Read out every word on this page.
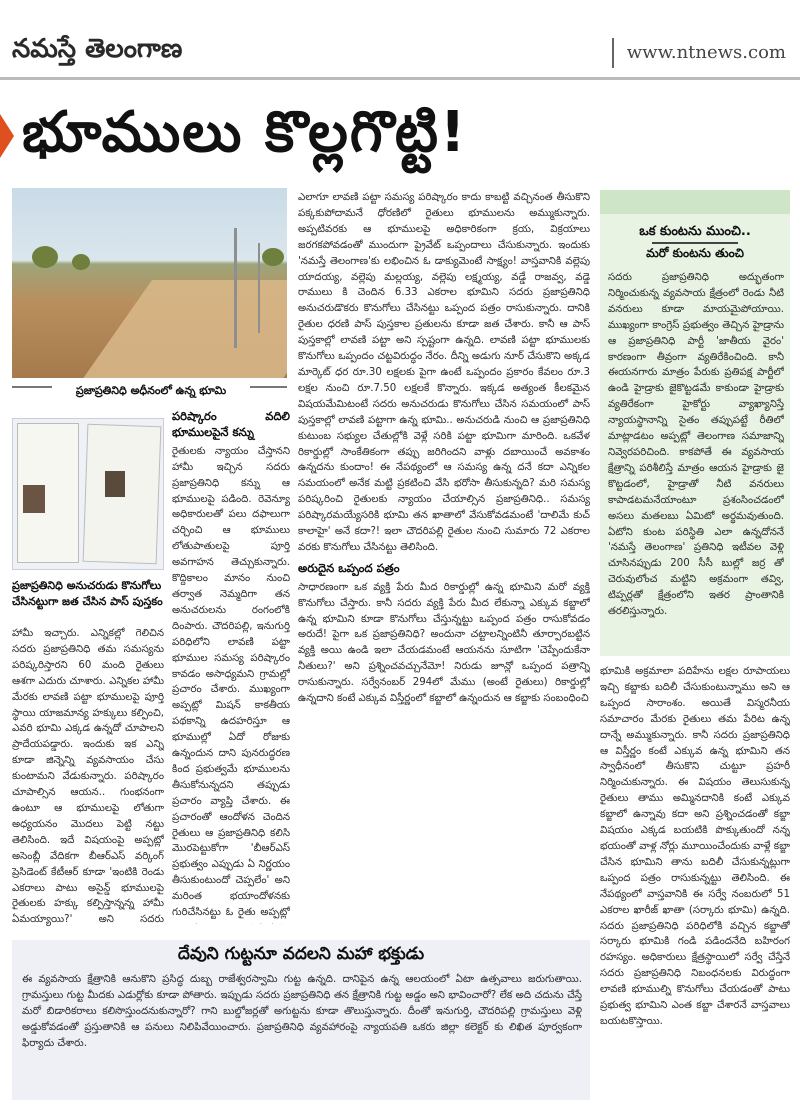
నమస్తే తెలంగాణ	www.ntnews.com
భూములు కొల్లగొట్టి!
ప్రజాప్రతినిధి అధీనంలో ఉన్న భూమి
ప్రజాప్రతినిధి అనుచరుడు కొనుగోలు చేసినట్టుగా జత చేసిన పాస్ పుస్తకం

హామీ ఇచ్చారు. ఎన్నికల్లో గెలిచిన సదరు ప్రజాప్రతినిధి తమ సమస్యను పరిష్కరిస్తారని 60 మంది రైతులు ఆశగా ఎదురు చూశారు. ఎన్నికల హామీ మేరకు లావణి పట్టా భూములపై పూర్తి స్థాయి యాజమాన్య హక్కులు కల్పించి, ఎవరి భూమి ఎక్కడ ఉన్నదో చూపాలని ప్రాదేయపడ్డారు. ఇందుకు ఇక ఎన్ని కూడా జిన్నెన్ని వ్యవసాయం చేసు కుంటామని వేడుకున్నారు. పరిష్కారం చూపాల్సిన ఆయన.. గుంభనంగా ఉంటూ ఆ భూములపై లోతుగా అధ్యయనం మొదలు పెట్టి నట్టు తెలిసింది. ఇదే విషయంపై అప్పట్లో అసెంబ్లీ వేదికగా బీఆర్ఎస్ వర్కింగ్ ప్రెసిడెంట్ కేటీఆర్ కూడా 'ఇంటికి రెండు ఎకరాలు పాటు అసైన్డ్ భూములపై రైతులకు హక్కు కల్పిస్తాన్నన్న హామీ ఏమయ్యాయి?' అని సదరు

పరిష్కారం వదిలి భూములపైనే కన్ను

రైతులకు న్యాయం చేస్తానని హామీ ఇచ్చిన సదరు ప్రజాప్రతినిధి కన్ను ఆ భూములపై పడింది. రెవెన్యూ అధికారులతో పలు దఫాలుగా చర్చించి ఆ భూములు లోతుపాతులపై పూర్తి అవగాహన తెచ్చుకున్నారు. కొద్దికాలం మానం నుంచి తర్వాత నెమ్మదిగా తన అనుచరులను రంగంలోకి దింపారు. చౌదరిపల్లి, ఇనుగుర్తి పరిధిలోని లావణి పట్టా భూముల సమస్య పరిష్కారం కావడం అసాధ్యమని గ్రామల్లో ప్రచారం చేశారు. ముఖ్యంగా అప్పట్లో మిషన్ కాకతీయ పథకాన్ని ఉదహరిస్తూ ఆ భూముల్లో ఏదో రోజుకు ఉన్నందున దాని పునరుద్ధరణ కింద ప్రభుత్వమే భూములను తీసుకోనున్నదని తప్పుడు ప్రచారం వ్యాప్తి చేశారు. ఈ ప్రచారంతో ఆందోళన చెందిన రైతులు ఆ ప్రజాప్రతినిధి కలిసి మొరపెట్టుకోగా 'బీఆర్ఎస్ ప్రభుత్వం ఎప్పుడు ఏ నిర్ణయం తీసుకుంటుందో చెప్పలేం' అని మరింత భయాందోళనకు గురిచేసినట్టు ఓ రైతు అప్పట్లో

ఎలాగూ లావణి పట్టా సమస్య పరిష్కారం కాదు కాబట్టి వచ్చినంత తీసుకొని పక్కకుపోదామనే ధోరణిలో రైతులు భూములను అమ్ముకున్నారు. అప్పటివరకు ఆ భూములపై అధికారికంగా క్రయ, విక్రయాలు జరగకపోవడంతో ముందుగా ప్రైవేట్ ఒప్పందాలు చేసుకున్నారు. ఇందుకు 'నమస్తే తెలంగాణ'కు లభించిన ఓ డాక్యుమెంటే సాక్ష్యం! వాస్తవానికి వల్లెపు యాదయ్య, వల్లెపు మల్లయ్య, వల్లెపు లక్ష్మయ్య, వడ్డే రాజవ్వ, వడ్డె రాములు కి చెందిన 6.33 ఎకరాల భూమిని సదరు ప్రజాప్రతినిధి అనుచరుడొకరు కొనుగోలు చేసినట్టు ఒప్పంద పత్రం రాసుకున్నారు. దానికి రైతుల ధరణి పాస్ పుస్తకాల ప్రతులను కూడా జత చేశారు. కానీ ఆ పాస్ పుస్తకాల్లో లావణి పట్టా అని స్పష్టంగా ఉన్నది. లావణి పట్టా భూములకు కొనుగోలు ఒప్పందం చట్టవిరుద్ధం నేరం. దీన్ని అడుగు నూర్ చేసుకొని అక్కడ మార్కెట్ ధర రూ.30 లక్షలకు పైగా ఉంటే ఒప్పందం ప్రకారం కేవలం రూ.3 లక్షల నుంచి రూ.7.50 లక్షలకే కొన్నారు. ఇక్కడ అత్యంత కీలకమైన విషయమేమిటంటే సదరు అనుచరుడు కొనుగోలు చేసిన సమయంలో పాస్ పుస్తకాల్లో లావణి పట్టాగా ఉన్న భూమి.. అనుచరుడి నుంచి ఆ ప్రజాప్రతినిధి కుటుంబ సభ్యుల చేతుల్లోకి వెళ్లే సరికి పట్టా భూమిగా మారింది. ఒకవేళ రికార్డుల్లో సాంకేతికంగా తప్పు జరిగిందని వాళ్లు దబాయించే అవకాశం ఉన్నదను కుందాం! ఈ నేపథ్యంలో ఆ సమస్య ఉన్న దనే కదా ఎన్నికల సమయంలో అనేక మట్టి ప్రకటించి వేసి భరోసా తీసుకున్నది? మరి సమస్య పరిష్కరించి రైతులకు న్యాయం చేయాల్సిన ప్రజాప్రతినిధి.. సమస్య పరిష్కారమయ్యేసరికి భూమి తన ఖాతాలో వేసుకోవడమంటే 'దాలిమే కుచ్ కాలాహై' అనే కదా?! ఇలా చౌదరిపల్లి రైతుల నుంచి సుమారు 72 ఎకరాల వరకు కొనుగోలు చేసినట్టు తెలిసింది.

అరుదైన ఒప్పంద పత్రం

సాధారణంగా ఒక వ్యక్తి పేరు మీద రికార్డుల్లో ఉన్న భూమిని మరో వ్యక్తి కొనుగోలు చేస్తారు. కానీ సదరు వ్యక్తి పేరు మీద లేకున్నా ఎక్కువ కబ్జాలో ఉన్న భూమిని కూడా కొనుగోలు చేస్తున్నట్టు ఒప్పంద పత్రం రాసుకోవడం అరుదే! పైగా ఒక ప్రజాప్రతినిధి? అందునా చట్టాలన్నింటినీ తూర్పారబట్టిన వ్యక్తి అయి ఉండి ఇలా చేయడమంటే ఆయనను సూటిగా 'చెప్పేందుకేనా నీతులు?' అని ప్రశ్నించవచ్చునేమో! నిరుడు జూన్లో ఒప్పంద పత్రాన్ని రాసుకున్నారు. సర్వేనంబర్ 294లో మేము (అంటే రైతులు) రికార్డుల్లో ఉన్నదాని కంటే ఎక్కువ విస్తీర్ణంలో కబ్జాలో ఉన్నందున ఆ కబ్జాకు సంబంధించి

ఒక కుంటను ముంచి..
మరో కుంటను తుంచి

సదరు ప్రజాప్రతినిధి అద్భుతంగా నిర్మించుకున్న వ్యవసాయ క్షేత్రంలో రెండు నీటి వనరులు కూడా మాయమైపోయాయి. ముఖ్యంగా కాంగ్రెస్ ప్రభుత్వం తెచ్చిన హైడ్రాను ఆ ప్రజాప్రతినిధి పార్టీ 'జాతీయ వైరం' కారణంగా తీవ్రంగా వ్యతిరేకించింది. కానీ ఈయనగారు మాత్రం పేరుకు ప్రతిపక్ష పార్టీలో ఉండి హైడ్రాకు జైకొట్టడమే కాకుండా హైడ్రాకు వ్యతిరేకంగా హైకోర్టు వ్యాఖ్యానిస్తే న్యాయస్థానాన్ని సైతం తప్పుపట్టే రీతిలో మాట్లాడటం అప్పట్లో తెలంగాణ సమాజాన్ని నివ్వెరపరిచింది. కాకపోతే ఈ వ్యవసాయ క్షేత్రాన్ని పరిశీలిస్తే మాత్రం ఆయన హైడ్రాకు జై కొట్టడంలో, హైడ్రాతో నీటి వనరులు కాపాడటమనేయాంటూ ప్రశంసించడంలో అసలు మతలబు ఏమిటో అర్థమవుతుంది. ఏటోని కుంట పరిస్థితి ఎలా ఉన్నదోననే 'నమస్తే తెలంగాణ' ప్రతినిధి ఇటీవల వెళ్లి చూసినప్పుడు 200 సీసీ బుల్లో జర్ర తో చెరువులోంచ మట్టిని అక్రమంగా తవ్వి, టిప్పర్లతో క్షేత్రంలోని ఇతర ప్రాంతానికి తరలిస్తున్నారు.

భూమికి అక్రమాలా పదిహేను లక్షల రూపాయలు ఇచ్చి కబ్జాకు బదిలీ చేసుకుంటున్నాము అని ఆ ఒప్పంద సారాంశం. అయితే విస్మరనీయ సమాచారం మేరకు రైతులు తమ పేరిట ఉన్న దాన్నే అమ్ముకున్నారు. కానీ సదరు ప్రజాప్రతినిధి ఆ విస్తీర్ణం కంటే ఎక్కువ ఉన్న భూమిని తన స్వాధీనంలో తీసుకొని చుట్టూ ప్రహరీ నిర్మించుకున్నారు. ఈ విషయం తెలుసుకున్న రైతులు తాము అమ్మినదానికి కంటే ఎక్కువ కబ్జాలో ఉన్నావు కదా అని ప్రశ్నించడంతో కబ్జా విషయం ఎక్కడ బయటికి పొక్కుతుందో నన్న భయంతో వాళ్ల నోర్లు మూయించేందుకు వాళ్లే కబ్జా చేసిన భూమిని తాను బదిలీ చేసుకున్నట్లుగా ఒప్పంద పత్రం రాసుకున్నట్టు తెలిసింది. ఈ నేపథ్యంలో వాస్తవానికి ఈ సర్వే నంబరులో 51 ఎకరాల ఖారీజ్ ఖాతా (సర్కారు భూమి) ఉన్నది. సదరు ప్రజాప్రతినిధి పరిధిలోకి వచ్చిన కబ్జాతో సర్కారు భూమికి గండి పడిందనేది బహిరంగ రహస్యం. అధికారులు క్షేత్రస్థాయిలో సర్వే చేస్తేనే సదరు ప్రజాప్రతినిధి నిబంధనలకు విరుద్ధంగా లావణి భూముల్ని కొనుగోలు చేయడంతో పాటు ప్రభుత్వ భూమిని ఎంత కబ్జా చేశారనే వాస్తవాలు బయటకొస్తాయి.

దేవుని గుట్టనూ వదలని మహా భక్తుడు

ఈ వ్యవసాయ క్షేత్రానికి ఆనుకొని ప్రసిద్ధ దుబ్బ రాజేశ్వరస్వామి గుట్ట ఉన్నది. దానిపైన ఉన్న ఆలయంలో ఏటా ఉత్సవాలు జరుగుతాయి. గ్రామస్తులు గుట్ట మీదకు ఎడుర్లోకు కూడా పోతారు. ఇప్పుడు సదరు ప్రజాప్రతినిధి తన క్షేత్రానికి గుట్ట అడ్డం అని భావించారో? లేక అది చదును చేస్తే మరో బిడారికరాలు కలిసొస్తుందనుకున్నారో? గాని బుల్డోజర్లతో అగుట్టను కూడా తొలుస్తున్నారు. దీంతో ఇనుగుర్తి, చౌదరిపల్లి గ్రామస్తులు వెళ్లి అడ్డుకోవడంతో ప్రస్తుతానికి ఆ పనులు నిలిపివేయించారు. ప్రజాప్రతినిధి వ్యవహారంపై న్యాయపతి ఒకరు జిల్లా కలెక్టర్ కు లిఖిత పూర్వకంగా ఫిర్యాదు చేశారు.
